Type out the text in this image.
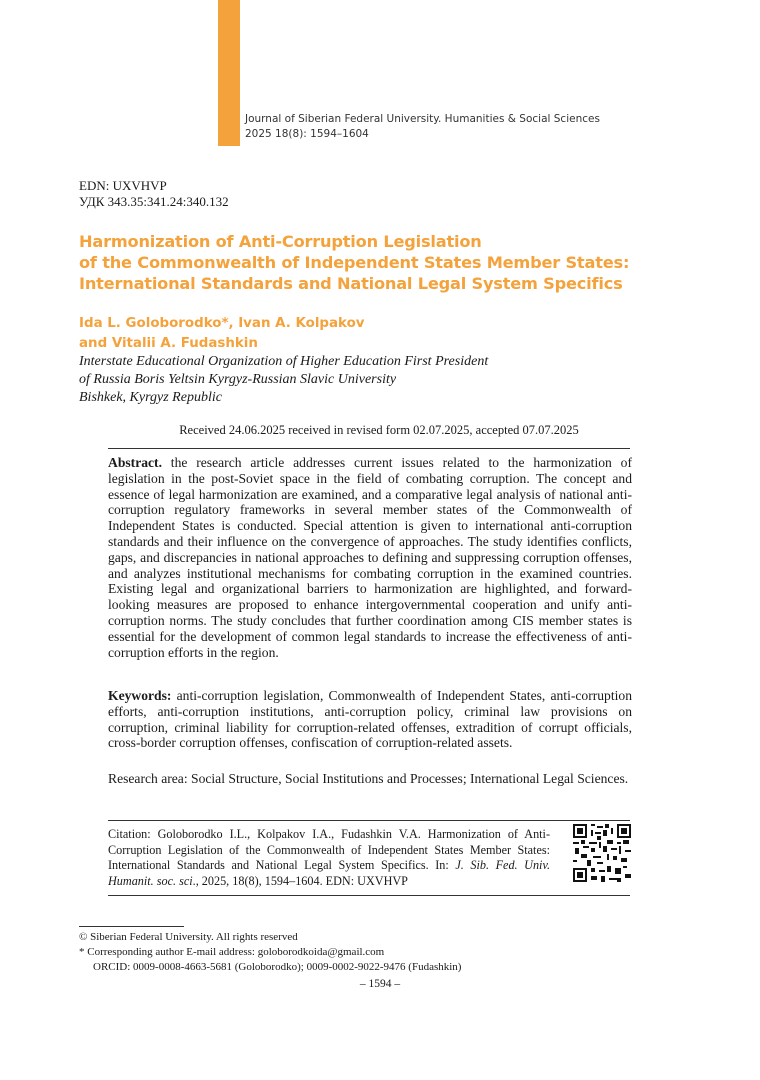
Journal of Siberian Federal University. Humanities & Social Sciences
2025 18(8): 1594–1604
EDN: UXVHVP
УДК 343.35:341.24:340.132
Harmonization of Anti-Corruption Legislation
of the Commonwealth of Independent States Member States:
International Standards and National Legal System Specifics
Ida L. Goloborodko*, Ivan A. Kolpakov
and Vitalii A. Fudashkin
Interstate Educational Organization of Higher Education First President
of Russia Boris Yeltsin Kyrgyz-Russian Slavic University
Bishkek, Kyrgyz Republic
Received 24.06.2025 received in revised form 02.07.2025, accepted 07.07.2025

Abstract. the research article addresses current issues related to the harmonization of legislation in the post-Soviet space in the field of combating corruption. The concept and essence of legal harmonization are examined, and a comparative legal analysis of national anti-corruption regulatory frameworks in several member states of the Commonwealth of Independent States is conducted. Special attention is given to international anti-corruption standards and their influence on the convergence of approaches. The study identifies conflicts, gaps, and discrepancies in national approaches to defining and suppressing corruption offenses, and analyzes institutional mechanisms for combating corruption in the examined countries. Existing legal and organizational barriers to harmonization are highlighted, and forward-looking measures are proposed to enhance intergovernmental cooperation and unify anti-corruption norms. The study concludes that further coordination among CIS member states is essential for the development of common legal standards to increase the effectiveness of anti-corruption efforts in the region.

Keywords: anti-corruption legislation, Commonwealth of Independent States, anti-corruption efforts, anti-corruption institutions, anti-corruption policy, criminal law provisions on corruption, criminal liability for corruption-related offenses, extradition of corrupt officials, cross-border corruption offenses, confiscation of corruption-related assets.

Research area: Social Structure, Social Institutions and Processes; International Legal Sciences.

Citation: Goloborodko I.L., Kolpakov I.A., Fudashkin V.A. Harmonization of Anti-Corruption Legislation of the Commonwealth of Independent States Member States: International Standards and National Legal System Specifics. In: J. Sib. Fed. Univ. Humanit. soc. sci., 2025, 18(8), 1594–1604. EDN: UXVHVP

© Siberian Federal University. All rights reserved
* Corresponding author E-mail address: goloborodkoida@gmail.com
ORCID: 0009-0008-4663-5681 (Goloborodko); 0009-0002-9022-9476 (Fudashkin)
– 1594 –
